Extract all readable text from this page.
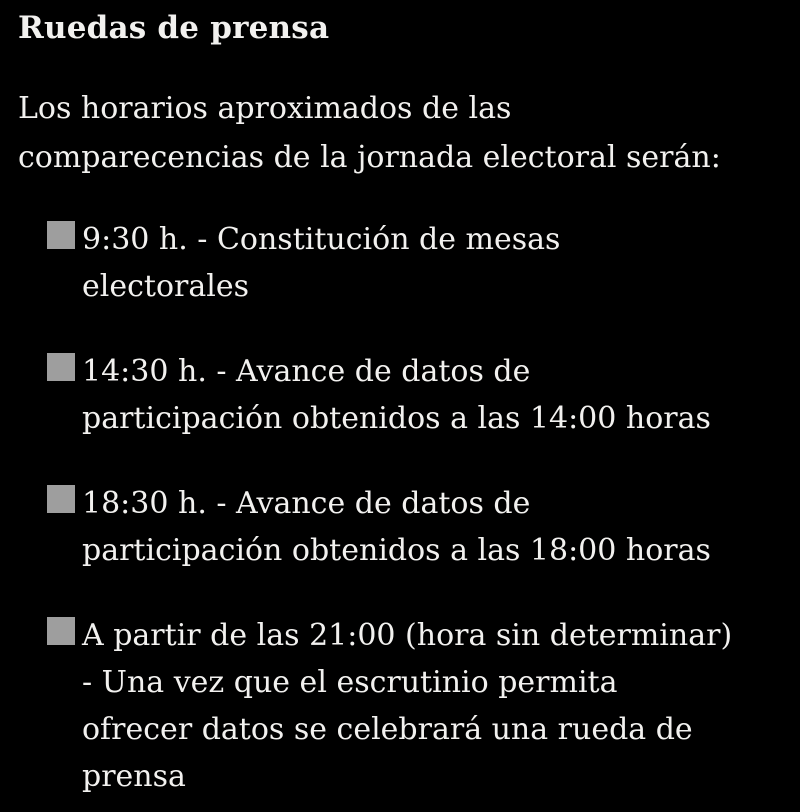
Ruedas de prensa
Los horarios aproximados de las
comparecencias de la jornada electoral serán:
9:30 h. - Constitución de mesas
electorales
14:30 h. - Avance de datos de
participación obtenidos a las 14:00 horas
18:30 h. - Avance de datos de
participación obtenidos a las 18:00 horas
A partir de las 21:00 (hora sin determinar)
- Una vez que el escrutinio permita
ofrecer datos se celebrará una rueda de
prensa
